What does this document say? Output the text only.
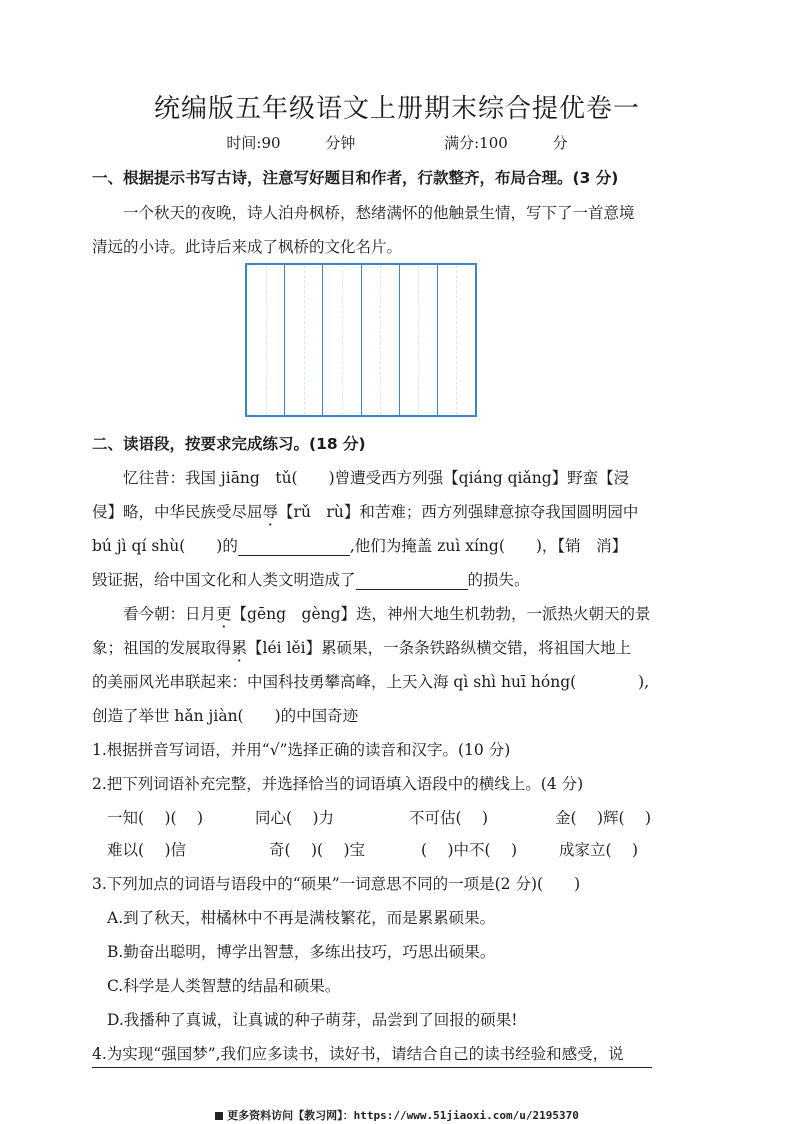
统编版五年级语文上册期末综合提优卷一
时间:90 分钟	满分:100 分
一、根据提示书写古诗，注意写好题目和作者，行款整齐，布局合理。(3 分)
一个秋天的夜晚，诗人泊舟枫桥，愁绪满怀的他触景生情，写下了一首意境
清远的小诗。此诗后来成了枫桥的文化名片。
二、读语段，按要求完成练习。(18 分)
忆往昔：我国 jiāng　tǔ(　　)曾遭受西方列强【qiáng qiǎng】野蛮【浸
侵】略，中华民族受尽屈辱【rǔ　rù】和苦难；西方列强肆意掠夺我国圆明园中
bú jì qí shù(　　)的	,他们为掩盖 zuì xíng(　　)，【销　消】
毁证据，给中国文化和人类文明造成了	的损失。
看今朝：日月更【gēng　gèng】迭，神州大地生机勃勃，一派热火朝天的景
象；祖国的发展取得累【léi lěi】累硕果，一条条铁路纵横交错，将祖国大地上
的美丽风光串联起来：中国科技勇攀高峰，上天入海 qì shì huī hóng(　　　　),
创造了举世 hǎn jiàn(　　)的中国奇迹
1.根据拼音写词语，并用“√”选择正确的读音和汉字。(10 分)
2.把下列词语补充完整，并选择恰当的词语填入语段中的横线上。(4 分)
一知(　 )(　 )	同心(　 )力	不可估(　 )	金(　 )辉(　 )
难以(　 )信	奇(　 )(　 )宝	(　 )中不(　 )	成家立(　 )
3.下列加点的词语与语段中的“硕果”一词意思不同的一项是(2 分)(　　)
A.到了秋天，柑橘林中不再是满枝繁花，而是累累硕果。
B.勤奋出聪明，博学出智慧，多练出技巧，巧思出硕果。
C.科学是人类智慧的结晶和硕果。
D.我播种了真诚，让真诚的种子萌芽，品尝到了回报的硕果!
4.为实现“强国梦”,我们应多读书，读好书，请结合自己的读书经验和感受，说
更多资料访问【教习网】：https://www.51jiaoxi.com/u/2195370
